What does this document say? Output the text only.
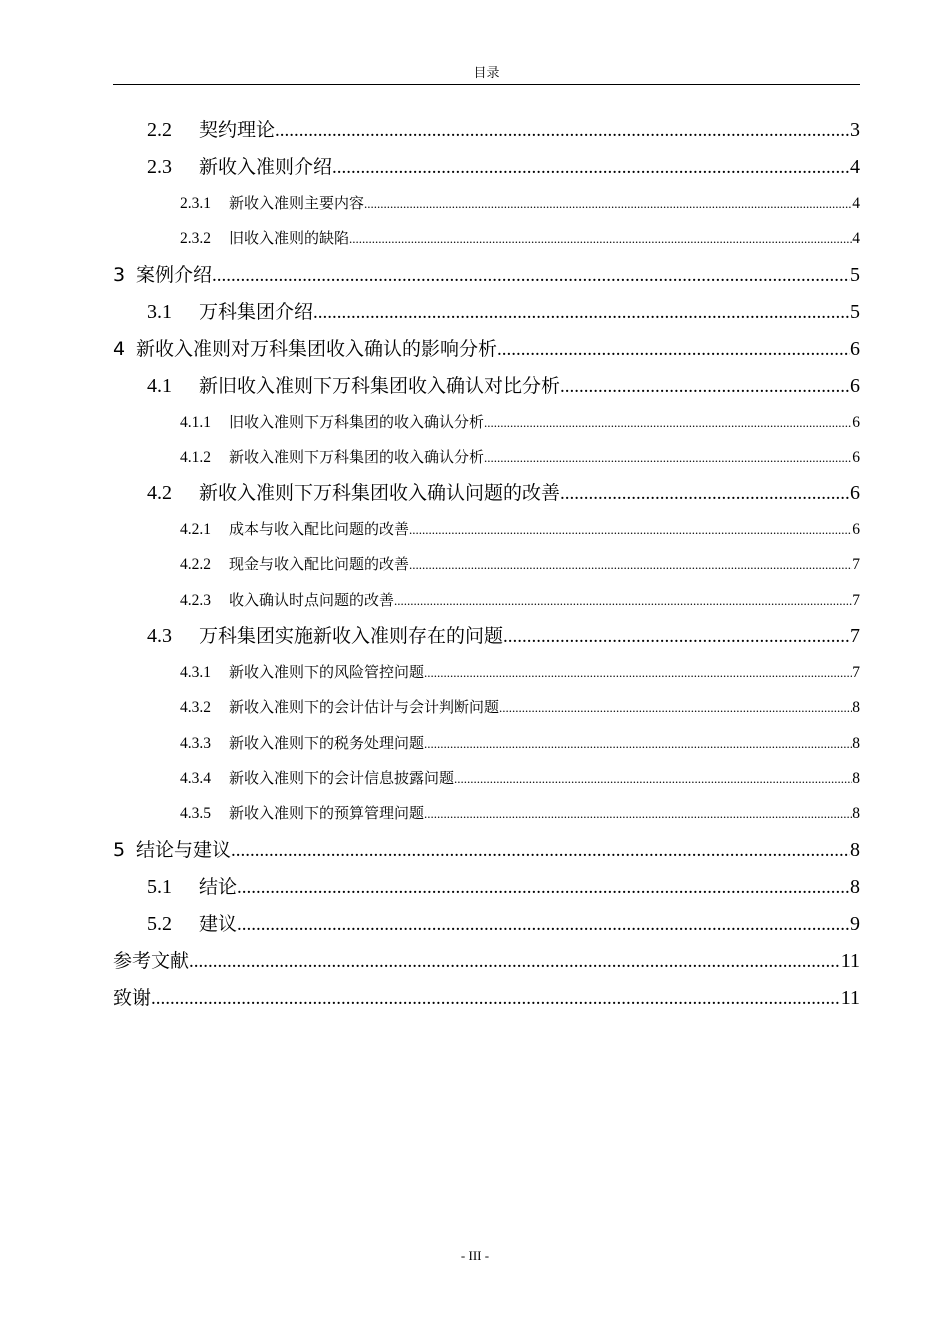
目录
2.2	契约理论 .....	3
2.3	新收入准则介绍 .....	4
2.3.1	新收入准则主要内容 .....	4
2.3.2	旧收入准则的缺陷 .....	4
3 案例介绍 .....	5
3.1	万科集团介绍 .....	5
4 新收入准则对万科集团收入确认的影响分析 .....	6
4.1	新旧收入准则下万科集团收入确认对比分析 .....	6
4.1.1	旧收入准则下万科集团的收入确认分析 .....	6
4.1.2	新收入准则下万科集团的收入确认分析 .....	6
4.2	新收入准则下万科集团收入确认问题的改善 .....	6
4.2.1	成本与收入配比问题的改善 .....	6
4.2.2	现金与收入配比问题的改善 .....	7
4.2.3	收入确认时点问题的改善 .....	7
4.3	万科集团实施新收入准则存在的问题 .....	7
4.3.1	新收入准则下的风险管控问题 .....	7
4.3.2	新收入准则下的会计估计与会计判断问题 .....	8
4.3.3	新收入准则下的税务处理问题 .....	8
4.3.4	新收入准则下的会计信息披露问题 .....	8
4.3.5	新收入准则下的预算管理问题 .....	8
5 结论与建议 .....	8
5.1	结论 .....	8
5.2	建议 .....	9
参考文献 .....	11
致谢 .....	11
- III -
